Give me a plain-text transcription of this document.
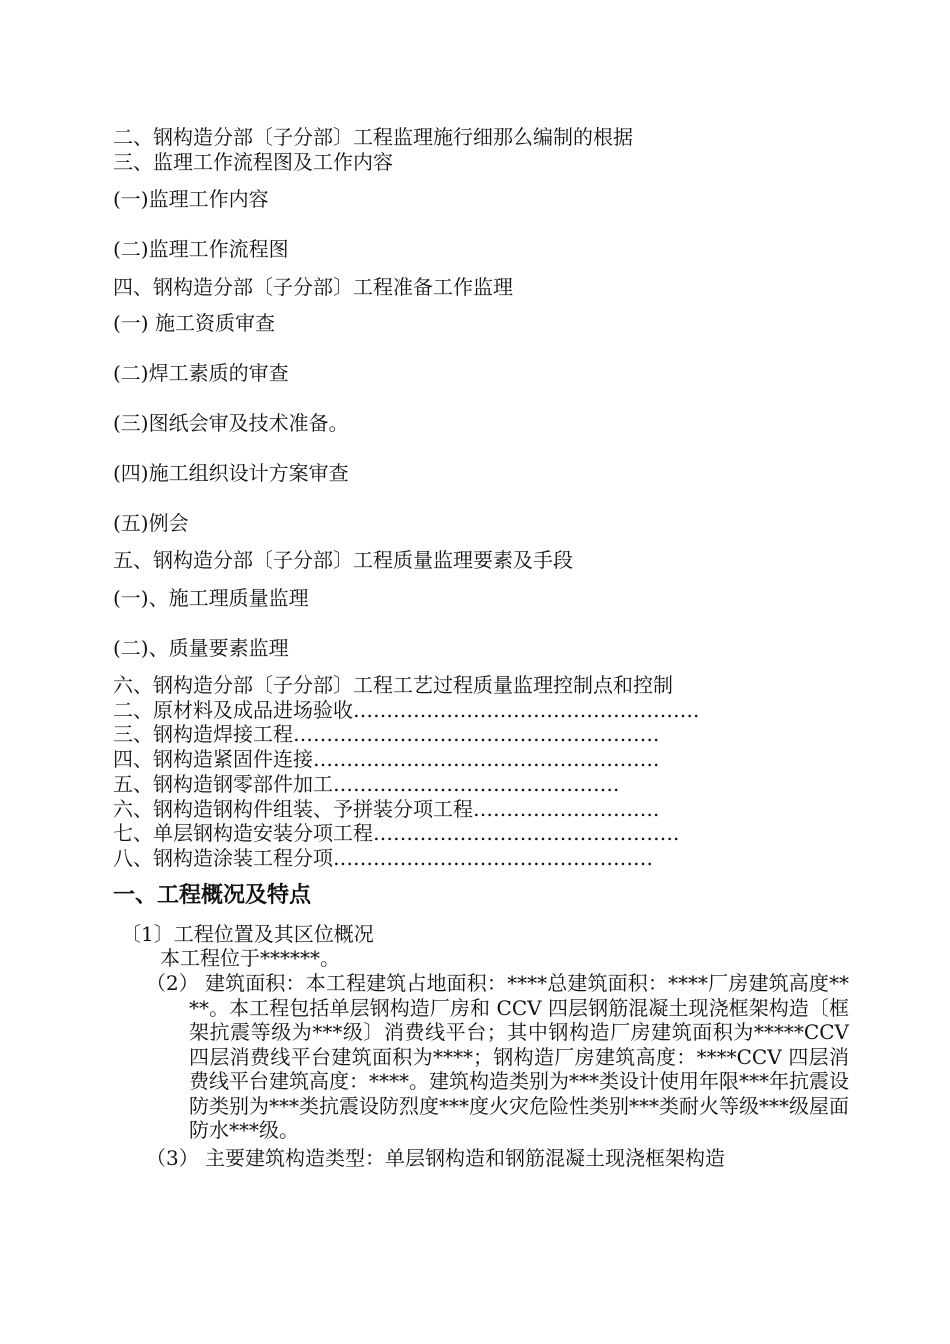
二、钢构造分部〔子分部〕工程监理施行细那么编制的根据
三、监理工作流程图及工作内容
(一)监理工作内容
(二)监理工作流程图
四、钢构造分部〔子分部〕工程准备工作监理
(一) 施工资质审查
(二)焊工素质的审查
(三)图纸会审及技术准备。
(四)施工组织设计方案审查
(五)例会
五、钢构造分部〔子分部〕工程质量监理要素及手段
(一)、施工理质量监理
(二)、质量要素监理
六、钢构造分部〔子分部〕工程工艺过程质量监理控制点和控制
二、原材料及成品进场验收…………………………………………….
三、钢构造焊接工程……………………………………………….
四、钢构造紧固件连接…………………………………………….
五、钢构造钢零部件加工…………………………………….
六、钢构造钢构件组装、予拼装分项工程……………………….
七、单层钢构造安装分项工程……………………………………….
八、钢构造涂装工程分项…………………………………………
一、工程概况及特点
〔1〕工程位置及其区位概况
本工程位于******。
（2） 建筑面积：本工程建筑占地面积：****总建筑面积：****厂房建筑高度****。本工程包括单层钢构造厂房和 CCV 四层钢筋混凝土现浇框架构造〔框架抗震等级为***级〕消费线平台；其中钢构造厂房建筑面积为*****CCV 四层消费线平台建筑面积为****；钢构造厂房建筑高度：****CCV 四层消费线平台建筑高度：****。建筑构造类别为***类设计使用年限***年抗震设防类别为***类抗震设防烈度***度火灾危险性类别***类耐火等级***级屋面防水***级。
（3） 主要建筑构造类型：单层钢构造和钢筋混凝土现浇框架构造
